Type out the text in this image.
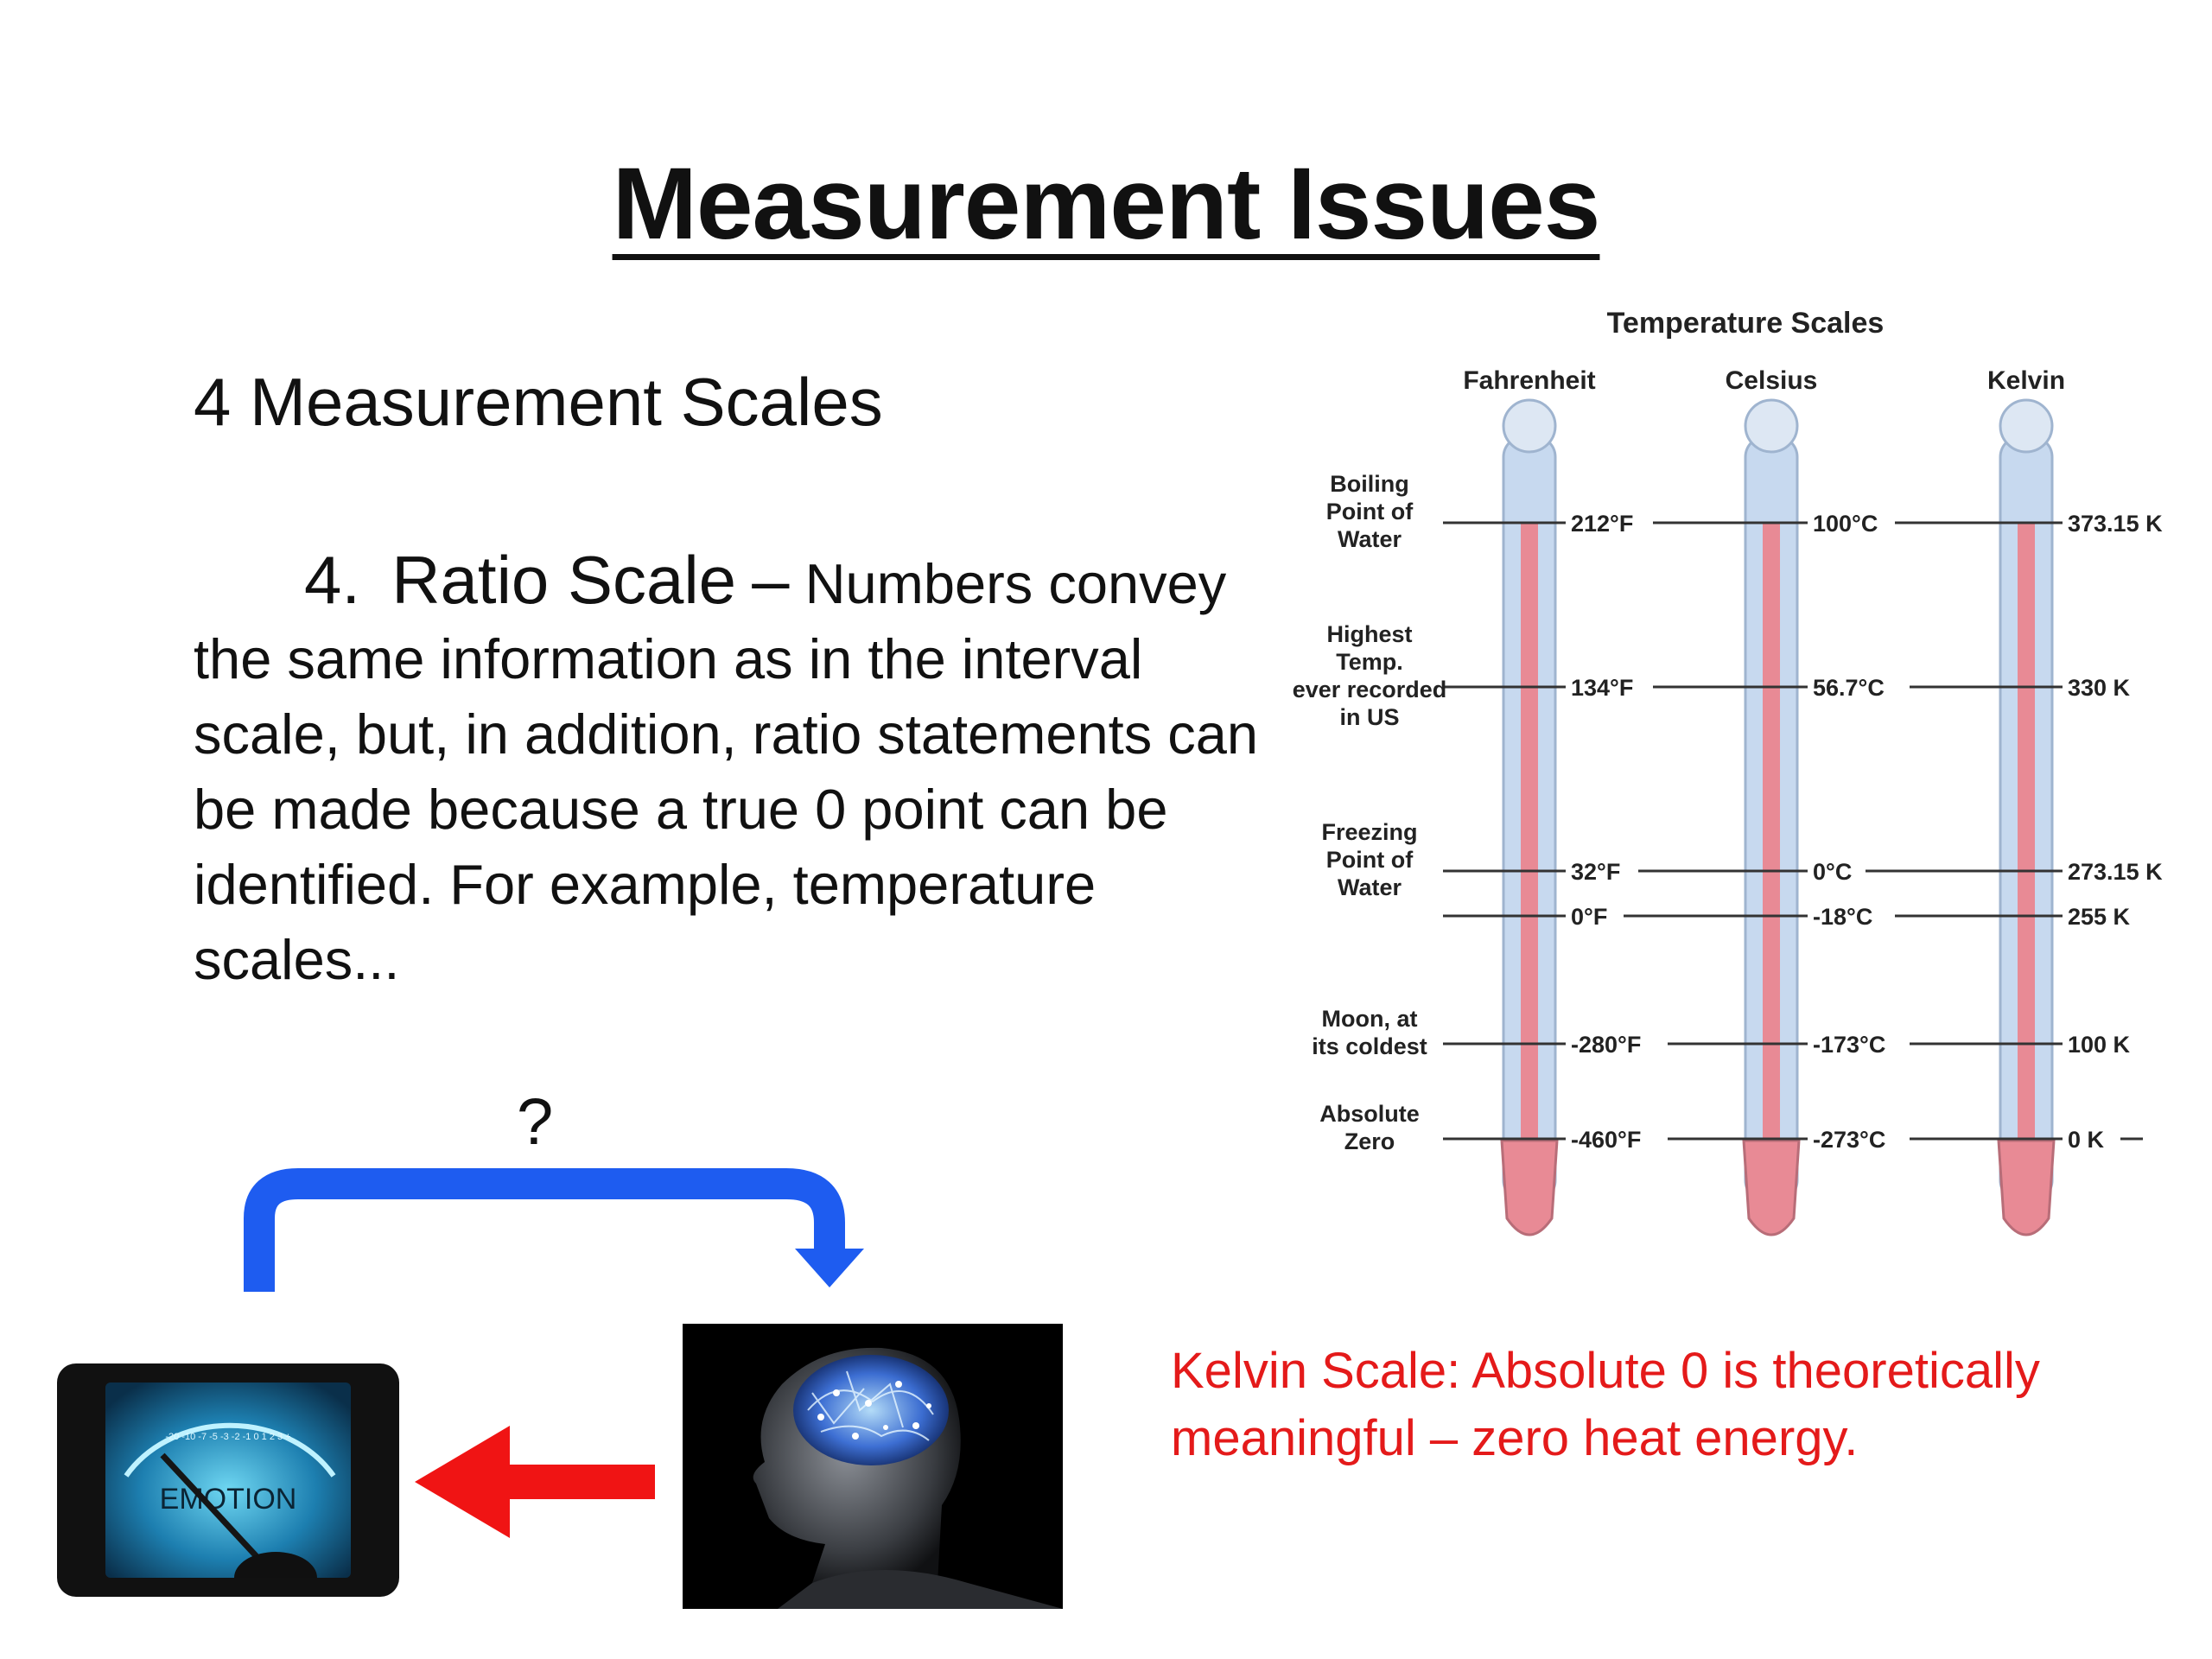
Measurement Issues
4 Measurement Scales
4. Ratio Scale – Numbers convey the same information as in the interval scale, but, in addition, ratio statements can be made because a true 0 point can be identified. For example, temperature scales...
Temperature Scales
Fahrenheit	Celsius	Kelvin
Boiling
Point of
Water
212°F	100°C	373.15 K
Highest
Temp.
ever recorded
in US
134°F	56.7°C	330 K
Freezing
Point of
Water
32°F	0°C	273.15 K
0°F	-18°C	255 K
Moon, at
its coldest	-280°F	-173°C	100 K
Absolute
Zero	-460°F	-273°C	0 K
?
-20 -10 -7 -5 -3 -2 -1 0 1 2 3 +
EMOTION
Kelvin Scale: Absolute 0 is theoretically meaningful – zero heat energy.
